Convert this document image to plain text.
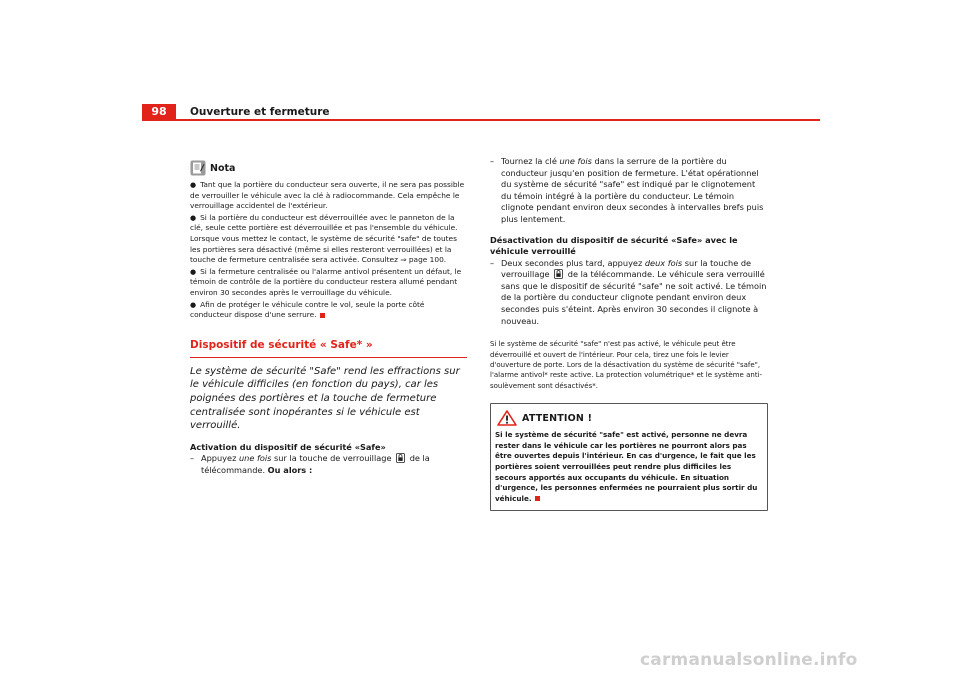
98	Ouverture et fermeture
Nota

● Tant que la portière du conducteur sera ouverte, il ne sera pas possible de verrouiller le véhicule avec la clé à radiocommande. Cela empêche le verrouillage accidentel de l'extérieur.

● Si la portière du conducteur est déverrouillée avec le panneton de la clé, seule cette portière est déverrouillée et pas l'ensemble du véhicule. Lorsque vous mettez le contact, le système de sécurité "safe" de toutes les portières sera désactivé (même si elles resteront verrouillées) et la touche de fermeture centralisée sera activée. Consultez ⇒ page 100.

● Si la fermeture centralisée ou l'alarme antivol présentent un défaut, le témoin de contrôle de la portière du conducteur restera allumé pendant environ 30 secondes après le verrouillage du véhicule.

● Afin de protéger le véhicule contre le vol, seule la porte côté conducteur dispose d'une serrure.

Dispositif de sécurité « Safe* »
Le système de sécurité "Safe" rend les effractions sur le véhicule difficiles (en fonction du pays), car les poignées des portières et la touche de fermeture centralisée sont inopérantes si le véhicule est verrouillé.
Activation du dispositif de sécurité «Safe»
– Appuyez une fois sur la touche de verrouillage  de la télécommande. Ou alors :
– Tournez la clé une fois dans la serrure de la portière du conducteur jusqu'en position de fermeture. L'état opérationnel du système de sécurité "safe" est indiqué par le clignotement du témoin intégré à la portière du conducteur. Le témoin clignote pendant environ deux secondes à intervalles brefs puis plus lentement.
Désactivation du dispositif de sécurité «Safe» avec le véhicule verrouillé
– Deux secondes plus tard, appuyez deux fois sur la touche de verrouillage  de la télécommande. Le véhicule sera verrouillé sans que le dispositif de sécurité "safe" ne soit activé. Le témoin de la portière du conducteur clignote pendant environ deux secondes puis s'éteint. Après environ 30 secondes il clignote à nouveau.
Si le système de sécurité "safe" n'est pas activé, le véhicule peut être déverrouillé et ouvert de l'intérieur. Pour cela, tirez une fois le levier d'ouverture de porte. Lors de la désactivation du système de sécurité "safe", l'alarme antivol* reste active. La protection volumétrique* et le système anti-soulèvement sont désactivés*.
ATTENTION !
Si le système de sécurité "safe" est activé, personne ne devra rester dans le véhicule car les portières ne pourront alors pas être ouvertes depuis l'intérieur. En cas d'urgence, le fait que les portières soient verrouillées peut rendre plus difficiles les secours apportés aux occupants du véhicule. En situation d'urgence, les personnes enfermées ne pourraient plus sortir du véhicule.
carmanualsonline.info
